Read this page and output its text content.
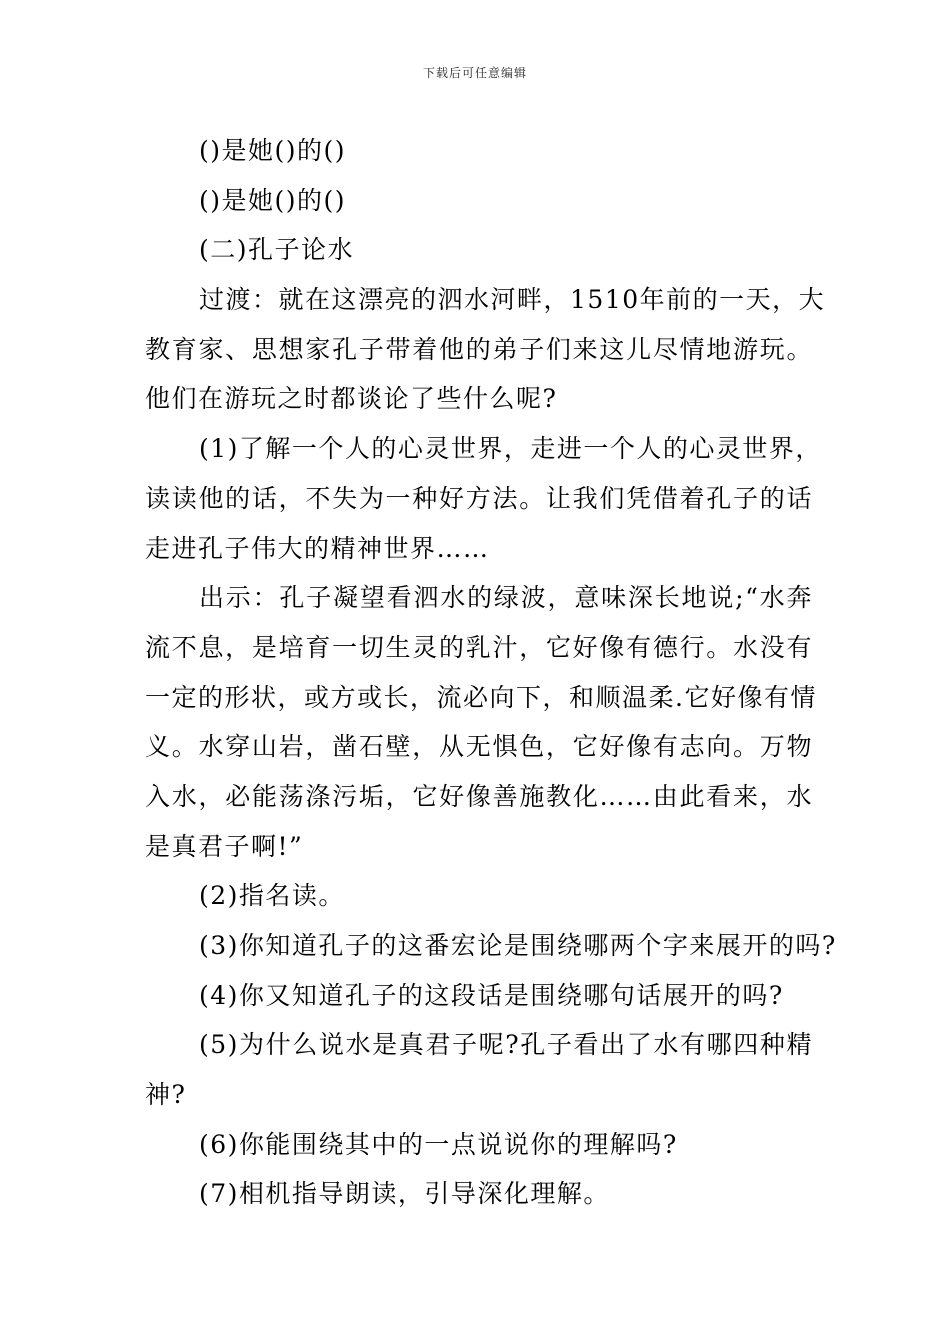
下载后可任意编辑
()是她()的()
()是她()的()
(二)孔子论水
过渡：就在这漂亮的泗水河畔，1510年前的一天，大
教育家、思想家孔子带着他的弟子们来这儿尽情地游玩。
他们在游玩之时都谈论了些什么呢?
(1)了解一个人的心灵世界，走进一个人的心灵世界，
读读他的话，不失为一种好方法。让我们凭借着孔子的话
走进孔子伟大的精神世界……
出示：孔子凝望看泗水的绿波，意味深长地说;“水奔
流不息，是培育一切生灵的乳汁，它好像有德行。水没有
一定的形状，或方或长，流必向下，和顺温柔.它好像有情
义。水穿山岩，凿石壁，从无惧色，它好像有志向。万物
入水，必能荡涤污垢，它好像善施教化……由此看来，水
是真君子啊!”
(2)指名读。
(3)你知道孔子的这番宏论是围绕哪两个字来展开的吗?
(4)你又知道孔子的这段话是围绕哪句话展开的吗?
(5)为什么说水是真君子呢?孔子看出了水有哪四种精
神?
(6)你能围绕其中的一点说说你的理解吗?
(7)相机指导朗读，引导深化理解。
